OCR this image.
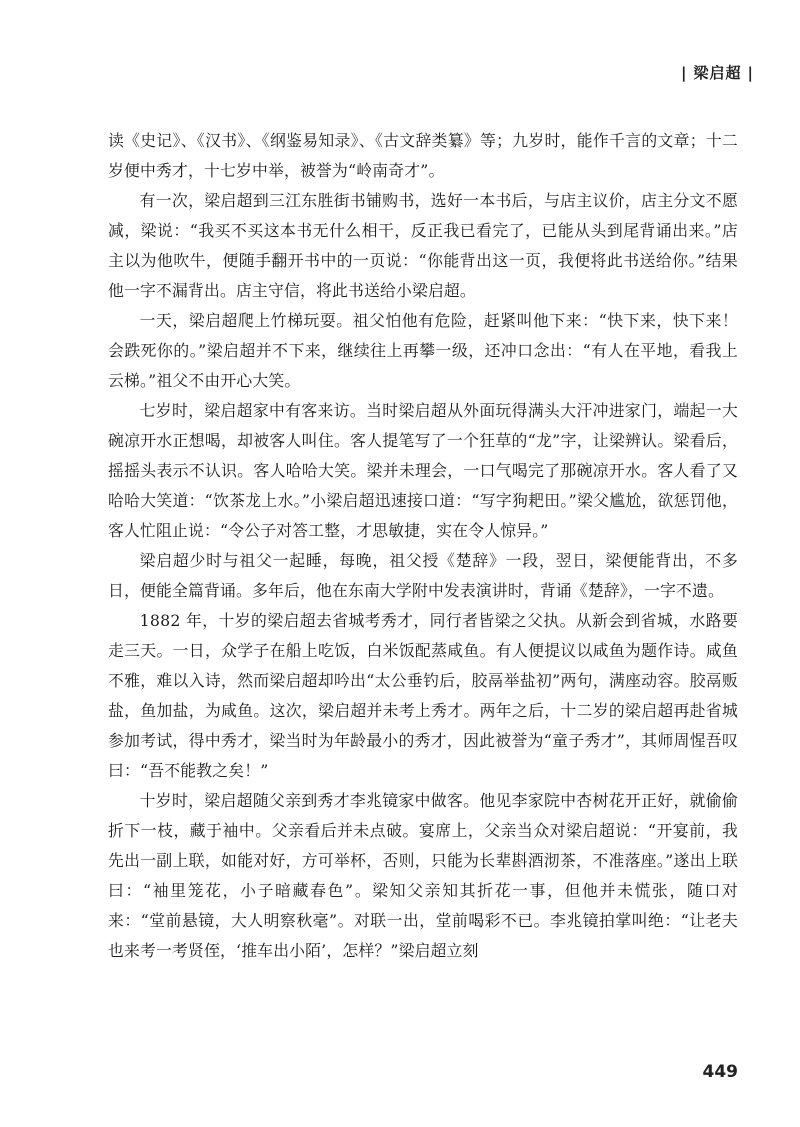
| 梁启超 |

读《史记》、《汉书》、《纲鉴易知录》、《古文辞类纂》等；九岁时，能作千言的文章；十二岁便中秀才，十七岁中举，被誉为“岭南奇才”。

有一次，梁启超到三江东胜街书铺购书，选好一本书后，与店主议价，店主分文不愿减，梁说：“我买不买这本书无什么相干，反正我已看完了，已能从头到尾背诵出来。”店主以为他吹牛，便随手翻开书中的一页说：“你能背出这一页，我便将此书送给你。”结果他一字不漏背出。店主守信，将此书送给小梁启超。

一天，梁启超爬上竹梯玩耍。祖父怕他有危险，赶紧叫他下来：“快下来，快下来！会跌死你的。”梁启超并不下来，继续往上再攀一级，还冲口念出：“有人在平地，看我上云梯。”祖父不由开心大笑。

七岁时，梁启超家中有客来访。当时梁启超从外面玩得满头大汗冲进家门，端起一大碗凉开水正想喝，却被客人叫住。客人提笔写了一个狂草的“龙”字，让梁辨认。梁看后，摇摇头表示不认识。客人哈哈大笑。梁并未理会，一口气喝完了那碗凉开水。客人看了又哈哈大笑道：“饮茶龙上水。”小梁启超迅速接口道：“写字狗耙田。”梁父尴尬，欲惩罚他，客人忙阻止说：“令公子对答工整，才思敏捷，实在令人惊异。”

梁启超少时与祖父一起睡，每晚，祖父授《楚辞》一段，翌日，梁便能背出，不多日，便能全篇背诵。多年后，他在东南大学附中发表演讲时，背诵《楚辞》，一字不遗。

1882 年，十岁的梁启超去省城考秀才，同行者皆梁之父执。从新会到省城，水路要走三天。一日，众学子在船上吃饭，白米饭配蒸咸鱼。有人便提议以咸鱼为题作诗。咸鱼不雅，难以入诗，然而梁启超却吟出“太公垂钓后，胶鬲举盐初”两句，满座动容。胶鬲贩盐，鱼加盐，为咸鱼。这次，梁启超并未考上秀才。两年之后，十二岁的梁启超再赴省城参加考试，得中秀才，梁当时为年龄最小的秀才，因此被誉为“童子秀才”，其师周惺吾叹曰：“吾不能教之矣！”

十岁时，梁启超随父亲到秀才李兆镜家中做客。他见李家院中杏树花开正好，就偷偷折下一枝，藏于袖中。父亲看后并未点破。宴席上，父亲当众对梁启超说：“开宴前，我先出一副上联，如能对好，方可举杯，否则，只能为长辈斟酒沏茶，不准落座。”遂出上联曰：“袖里笼花，小子暗藏春色”。梁知父亲知其折花一事，但他并未慌张，随口对来：“堂前悬镜，大人明察秋毫”。对联一出，堂前喝彩不已。李兆镜拍掌叫绝：“让老夫也来考一考贤侄，‘推车出小陌’，怎样？”梁启超立刻

449
